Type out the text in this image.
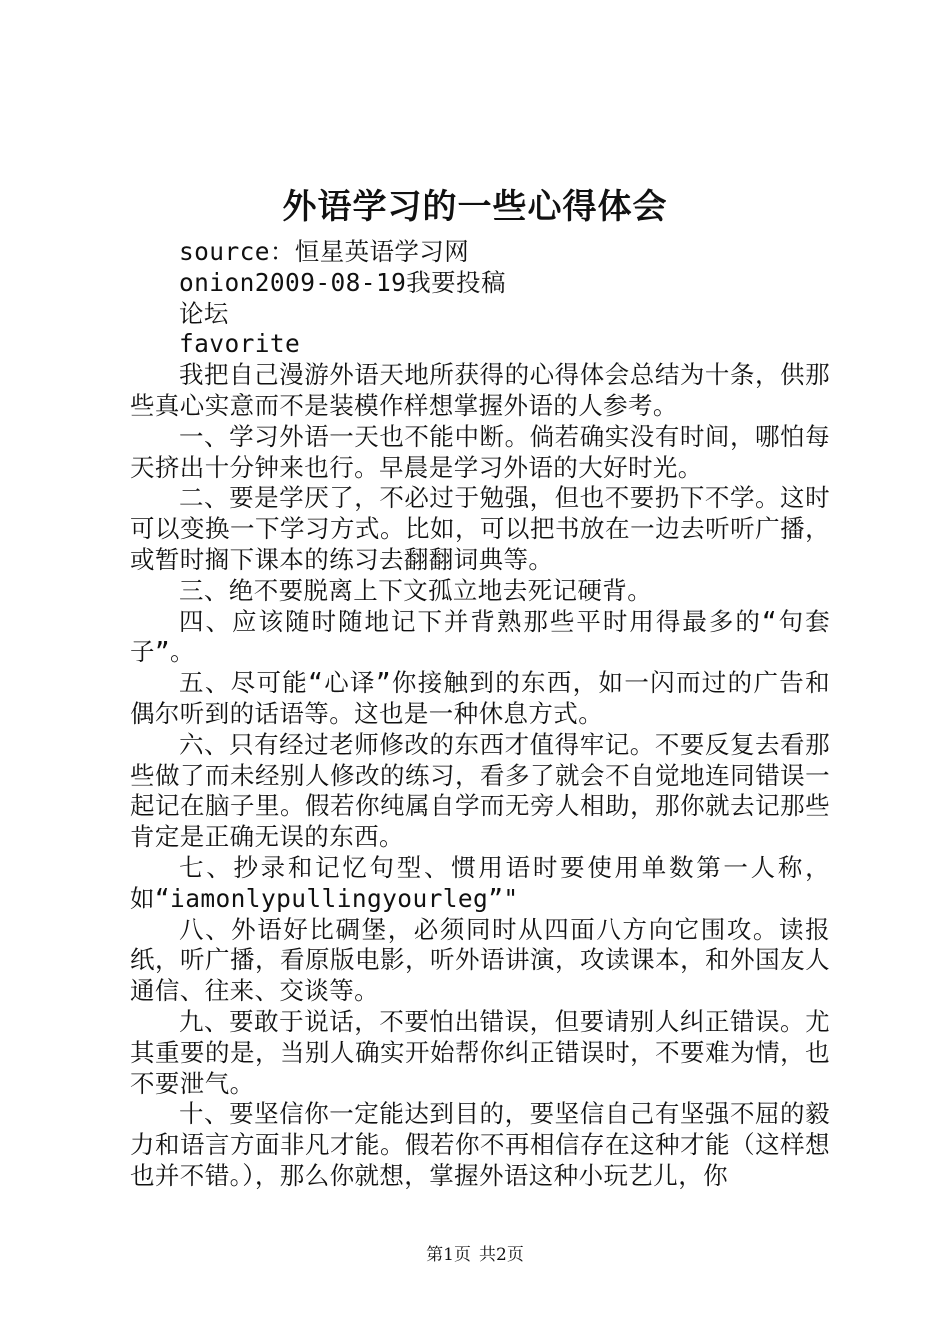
外语学习的一些心得体会

source：恒星英语学习网

onion2009-08-19我要投稿

论坛

favorite

我把自己漫游外语天地所获得的心得体会总结为十条，供那些真心实意而不是装模作样想掌握外语的人参考。

一、学习外语一天也不能中断。倘若确实没有时间，哪怕每天挤出十分钟来也行。早晨是学习外语的大好时光。

二、要是学厌了，不必过于勉强，但也不要扔下不学。这时可以变换一下学习方式。比如，可以把书放在一边去听听广播，或暂时搁下课本的练习去翻翻词典等。

三、绝不要脱离上下文孤立地去死记硬背。

四、应该随时随地记下并背熟那些平时用得最多的“句套子”。

五、尽可能“心译”你接触到的东西，如一闪而过的广告和偶尔听到的话语等。这也是一种休息方式。

六、只有经过老师修改的东西才值得牢记。不要反复去看那些做了而未经别人修改的练习，看多了就会不自觉地连同错误一起记在脑子里。假若你纯属自学而无旁人相助，那你就去记那些肯定是正确无误的东西。

七、抄录和记忆句型、惯用语时要使用单数第一人称，如“iamonlypullingyourleg”"

八、外语好比碉堡，必须同时从四面八方向它围攻。读报纸，听广播，看原版电影，听外语讲演，攻读课本，和外国友人通信、往来、交谈等。

九、要敢于说话，不要怕出错误，但要请别人纠正错误。尤其重要的是，当别人确实开始帮你纠正错误时，不要难为情，也不要泄气。

十、要坚信你一定能达到目的，要坚信自己有坚强不屈的毅力和语言方面非凡才能。假若你不再相信存在这种才能（这样想也并不错。），那么你就想，掌握外语这种小玩艺儿，你

第1页 共2页
